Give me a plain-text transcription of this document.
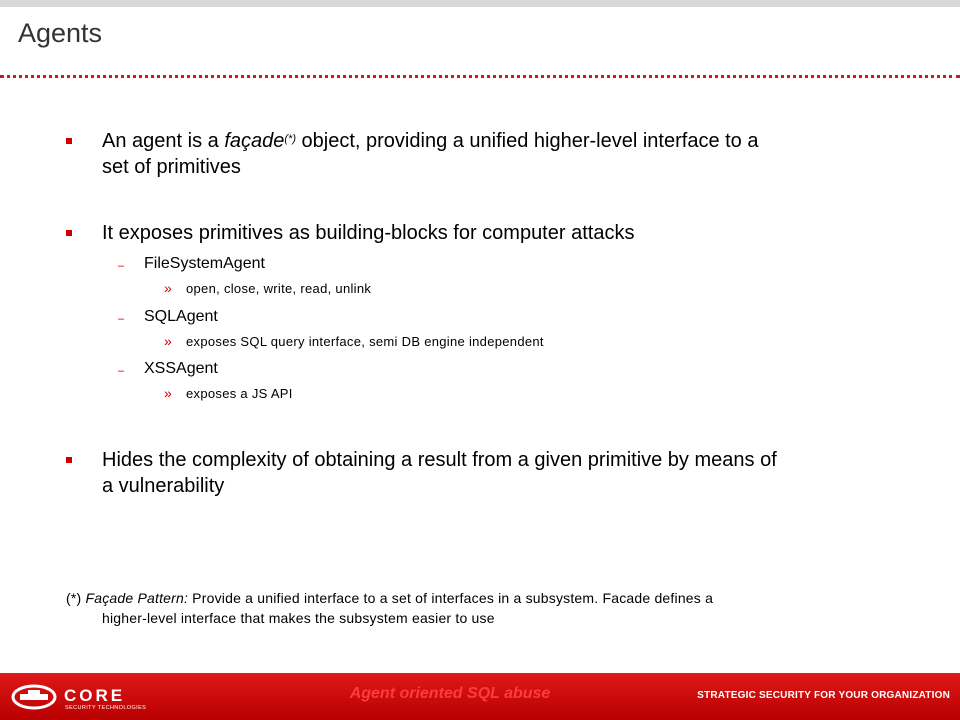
Agents
An agent is a façade(*) object, providing a unified higher-level interface to a
set of primitives
It exposes primitives as building-blocks for computer attacks
– FileSystemAgent
» open, close, write, read, unlink
– SQLAgent
» exposes SQL query interface, semi DB engine independent
– XSSAgent
» exposes a JS API
Hides the complexity of obtaining a result from a given primitive by means of
a vulnerability
(*) Façade Pattern: Provide a unified interface to a set of interfaces in a subsystem. Facade defines a
higher-level interface that makes the subsystem easier to use
CORE
SECURITY TECHNOLOGIES
Agent oriented SQL abuse	STRATEGIC SECURITY FOR YOUR ORGANIZATION
